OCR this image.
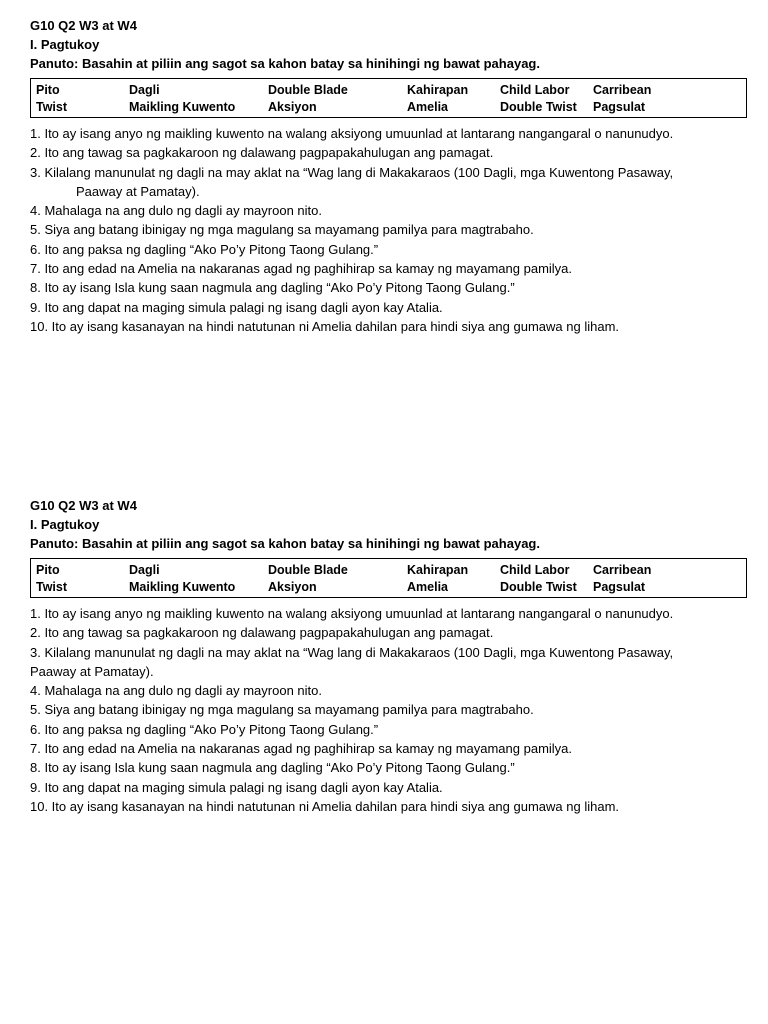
G10 Q2 W3 at W4

I. Pagtukoy

Panuto: Basahin at piliin ang sagot sa kahon batay sa hinihingi ng bawat pahayag.

Pito	Dagli	Double Blade	Kahirapan	Child Labor	Carribean
Twist	Maikling Kuwento	Aksiyon	Amelia	Double Twist	Pagsulat
1. Ito ay isang anyo ng maikling kuwento na walang aksiyong umuunlad at lantarang nangangaral o nanunudyo.
2. Ito ang tawag sa pagkakaroon ng dalawang pagpapakahulugan ang pamagat.
3. Kilalang manunulat ng dagli na may aklat na “Wag lang di Makakaraos (100 Dagli, mga Kuwentong Pasaway,
Paaway at Pamatay).
4. Mahalaga na ang dulo ng dagli ay mayroon nito.
5. Siya ang batang ibinigay ng mga magulang sa mayamang pamilya para magtrabaho.
6. Ito ang paksa ng dagling “Ako Po’y Pitong Taong Gulang.”
7. Ito ang edad na Amelia na nakaranas agad ng paghihirap sa kamay ng mayamang pamilya.
8. Ito ay isang Isla kung saan nagmula ang dagling “Ako Po’y Pitong Taong Gulang.”
9. Ito ang dapat na maging simula palagi ng isang dagli ayon kay Atalia.
10. Ito ay isang kasanayan na hindi natutunan ni Amelia dahilan para hindi siya ang gumawa ng liham.

G10 Q2 W3 at W4

I. Pagtukoy

Panuto: Basahin at piliin ang sagot sa kahon batay sa hinihingi ng bawat pahayag.

Pito	Dagli	Double Blade	Kahirapan	Child Labor	Carribean
Twist	Maikling Kuwento	Aksiyon	Amelia	Double Twist	Pagsulat
1. Ito ay isang anyo ng maikling kuwento na walang aksiyong umuunlad at lantarang nangangaral o nanunudyo.
2. Ito ang tawag sa pagkakaroon ng dalawang pagpapakahulugan ang pamagat.
3. Kilalang manunulat ng dagli na may aklat na “Wag lang di Makakaraos (100 Dagli, mga Kuwentong Pasaway,
Paaway at Pamatay).
4. Mahalaga na ang dulo ng dagli ay mayroon nito.
5. Siya ang batang ibinigay ng mga magulang sa mayamang pamilya para magtrabaho.
6. Ito ang paksa ng dagling “Ako Po’y Pitong Taong Gulang.”
7. Ito ang edad na Amelia na nakaranas agad ng paghihirap sa kamay ng mayamang pamilya.
8. Ito ay isang Isla kung saan nagmula ang dagling “Ako Po’y Pitong Taong Gulang.”
9. Ito ang dapat na maging simula palagi ng isang dagli ayon kay Atalia.
10. Ito ay isang kasanayan na hindi natutunan ni Amelia dahilan para hindi siya ang gumawa ng liham.
